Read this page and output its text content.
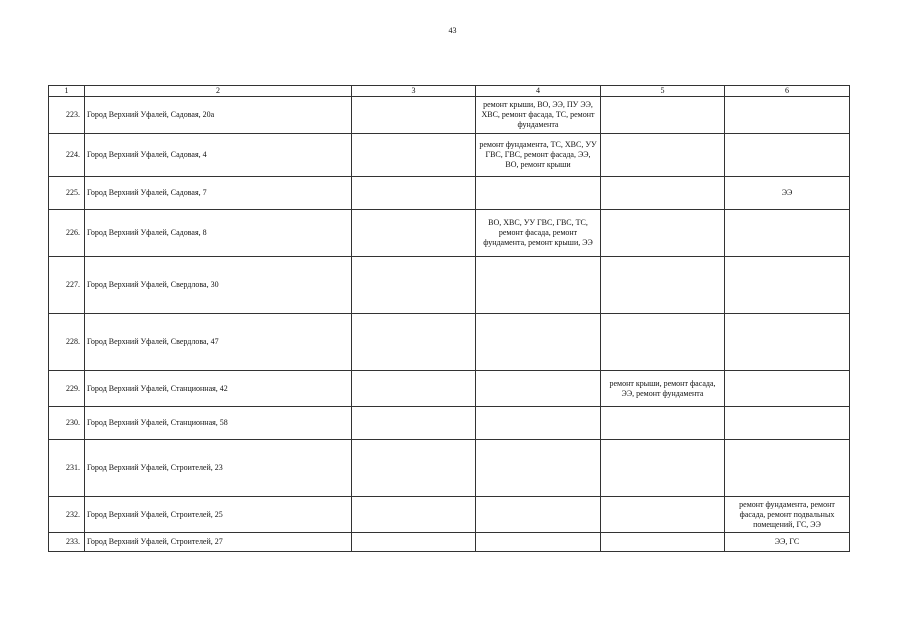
43
1	2	3	4	5	6
223.	Город Верхний Уфалей, Садовая, 20а		ремонт крыши, ВО, ЭЭ, ПУ ЭЭ, ХВС, ремонт фасада, ТС, ремонт фундамента		
224.	Город Верхний Уфалей, Садовая, 4		ремонт фундамента, ТС, ХВС, УУ ГВС, ГВС, ремонт фасада, ЭЭ, ВО, ремонт крыши		
225.	Город Верхний Уфалей, Садовая, 7				ЭЭ
226.	Город Верхний Уфалей, Садовая, 8		ВО, ХВС, УУ ГВС, ГВС, ТС, ремонт фасада, ремонт фундамента, ремонт крыши, ЭЭ		
227.	Город Верхний Уфалей, Свердлова, 30				
228.	Город Верхний Уфалей, Свердлова, 47				
229.	Город Верхний Уфалей, Станционная, 42			ремонт крыши, ремонт фасада, ЭЭ, ремонт фундамента	
230.	Город Верхний Уфалей, Станционная, 58				
231.	Город Верхний Уфалей, Строителей, 23				
232.	Город Верхний Уфалей, Строителей, 25				ремонт фундамента, ремонт фасада, ремонт подвальных помещений, ГС, ЭЭ
233.	Город Верхний Уфалей, Строителей, 27				ЭЭ, ГС
